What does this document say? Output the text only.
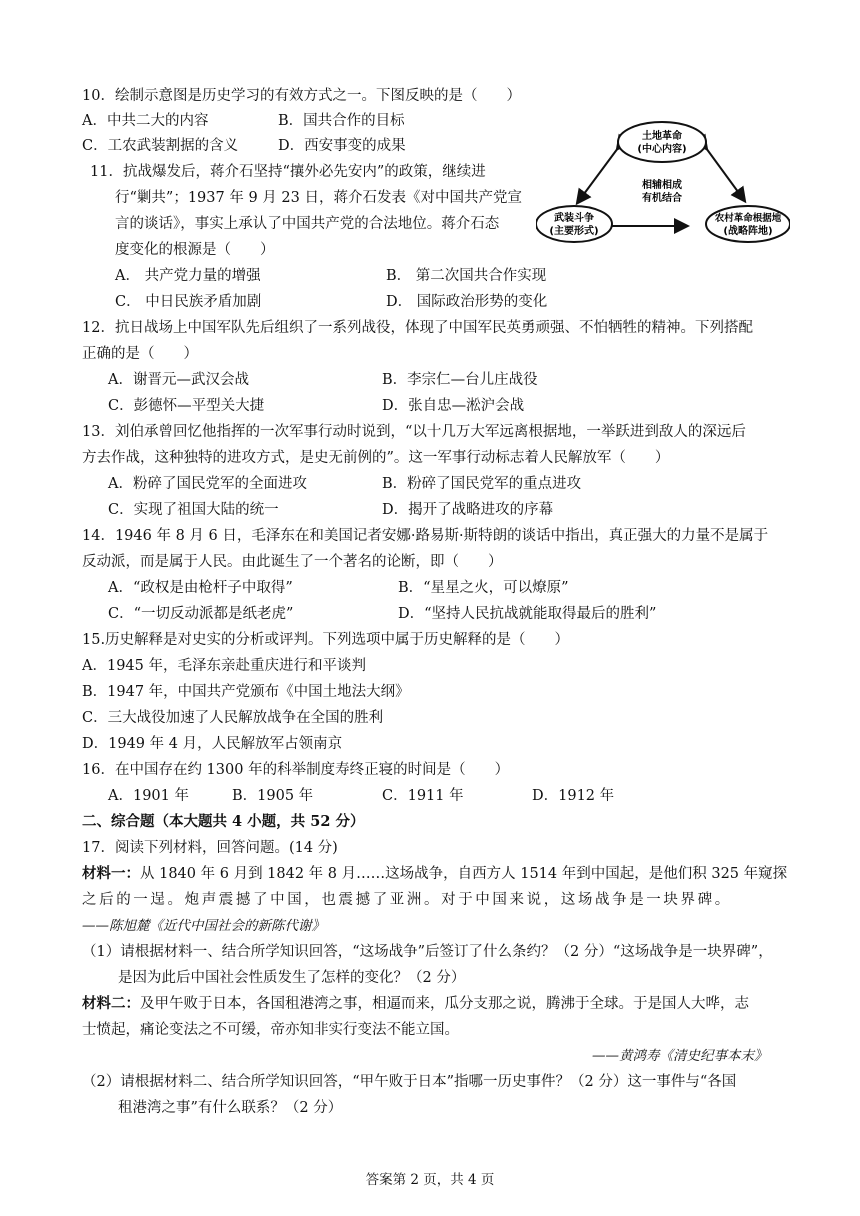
10．绘制示意图是历史学习的有效方式之一。下图反映的是（　　）
A．中共二大的内容	B．国共合作的目标
C．工农武装割据的含义	D．西安事变的成果
土地革命
(中心内容)
武装斗争
(主要形式)
农村革命根据地
(战略阵地)
相辅相成
有机结合
11．抗战爆发后，蒋介石坚持“攘外必先安内”的政策，继续进
行“剿共”；1937 年 9 月 23 日，蒋介石发表《对中国共产党宣
言的谈话》，事实上承认了中国共产党的合法地位。蒋介石态
度变化的根源是（　　）
A． 共产党力量的增强	B． 第二次国共合作实现
C． 中日民族矛盾加剧	D． 国际政治形势的变化
12．抗日战场上中国军队先后组织了一系列战役，体现了中国军民英勇顽强、不怕牺牲的精神。下列搭配
正确的是（　　）
A．谢晋元—武汉会战	B．李宗仁—台儿庄战役
C．彭德怀—平型关大捷	D．张自忠—淞沪会战
13．刘伯承曾回忆他指挥的一次军事行动时说到，“以十几万大军远离根据地，一举跃进到敌人的深远后
方去作战，这种独特的进攻方式，是史无前例的”。这一军事行动标志着人民解放军（　　）
A．粉碎了国民党军的全面进攻	B．粉碎了国民党军的重点进攻
C．实现了祖国大陆的统一	D．揭开了战略进攻的序幕
14．1946 年 8 月 6 日，毛泽东在和美国记者安娜·路易斯·斯特朗的谈话中指出，真正强大的力量不是属于
反动派，而是属于人民。由此诞生了一个著名的论断，即（　　）
A．“政权是由枪杆子中取得”	B．“星星之火，可以燎原”
C．“一切反动派都是纸老虎”	D．“坚持人民抗战就能取得最后的胜利”
15.历史解释是对史实的分析或评判。下列选项中属于历史解释的是（　　）
A．1945 年，毛泽东亲赴重庆进行和平谈判
B．1947 年，中国共产党颁布《中国土地法大纲》
C．三大战役加速了人民解放战争在全国的胜利
D．1949 年 4 月，人民解放军占领南京
16．在中国存在约 1300 年的科举制度寿终正寝的时间是（　　）
A．1901 年	B．1905 年	C．1911 年	D．1912 年
二、综合题（本大题共 4 小题，共 52 分）
17．阅读下列材料，回答问题。(14 分)
材料一：从 1840 年 6 月到 1842 年 8 月……这场战争，自西方人 1514 年到中国起，是他们积 325 年窥探
之后的一逞。炮声震撼了中国，也震撼了亚洲。对于中国来说，这场战争是一块界碑。
——陈旭麓《近代中国社会的新陈代谢》
（1）请根据材料一、结合所学知识回答，“这场战争”后签订了什么条约？（2 分）“这场战争是一块界碑”，
是因为此后中国社会性质发生了怎样的变化？（2 分）
材料二：及甲午败于日本，各国租港湾之事，相逼而来，瓜分支那之说，腾沸于全球。于是国人大哗，志
士愤起，痛论变法之不可缓，帝亦知非实行变法不能立国。
——黄鸿寿《清史纪事本末》
（2）请根据材料二、结合所学知识回答，“甲午败于日本”指哪一历史事件？（2 分）这一事件与“各国
租港湾之事”有什么联系？（2 分）
答案第 2 页，共 4 页
